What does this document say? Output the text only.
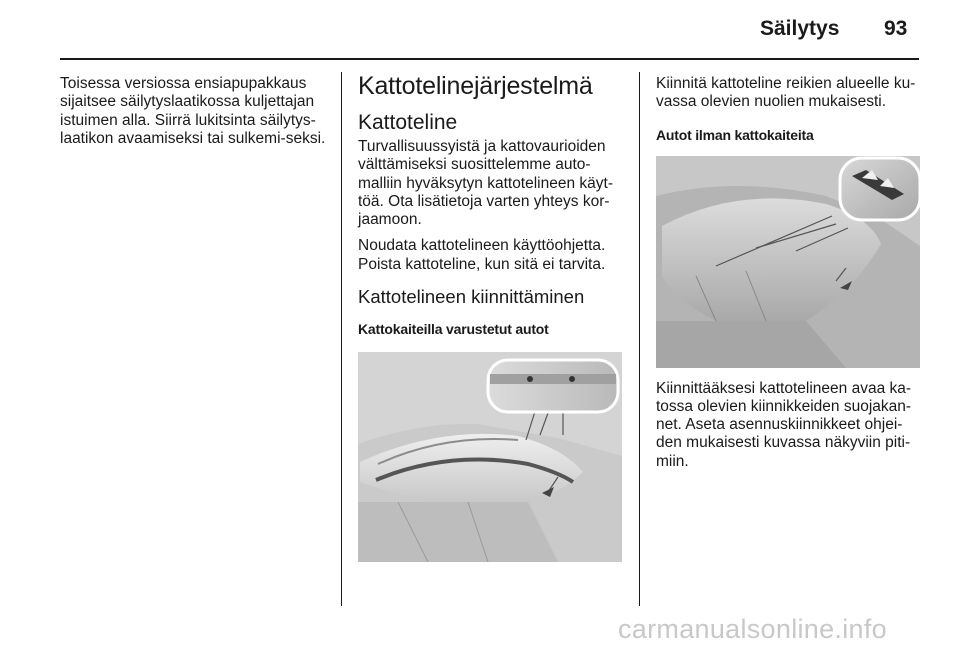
Säilytys 93

Toisessa versiossa ensiapupakkaus sijaitsee säilytyslaatikossa kuljettajan istuimen alla. Siirrä lukitsinta säilytys-laatikon avaamiseksi tai sulkemi-seksi.

Kattotelinejärjestelmä
Kattoteline

Turvallisuussyistä ja kattovaurioiden välttämiseksi suosittelemme auto-malliin hyväksytyn kattotelineen käyt-töä. Ota lisätietoja varten yhteys kor-jaamoon.

Noudata kattotelineen käyttöohjetta. Poista kattoteline, kun sitä ei tarvita.

Kattotelineen kiinnittäminen
Kattokaiteilla varustetut autot

Kiinnitä kattoteline reikien alueelle ku-vassa olevien nuolien mukaisesti.

Autot ilman kattokaiteita

Kiinnittääksesi kattotelineen avaa ka-tossa olevien kiinnikkeiden suojakan-net. Aseta asennuskiinnikkeet ohjei-den mukaisesti kuvassa näkyviin piti-miin.

carmanualsonline.info
